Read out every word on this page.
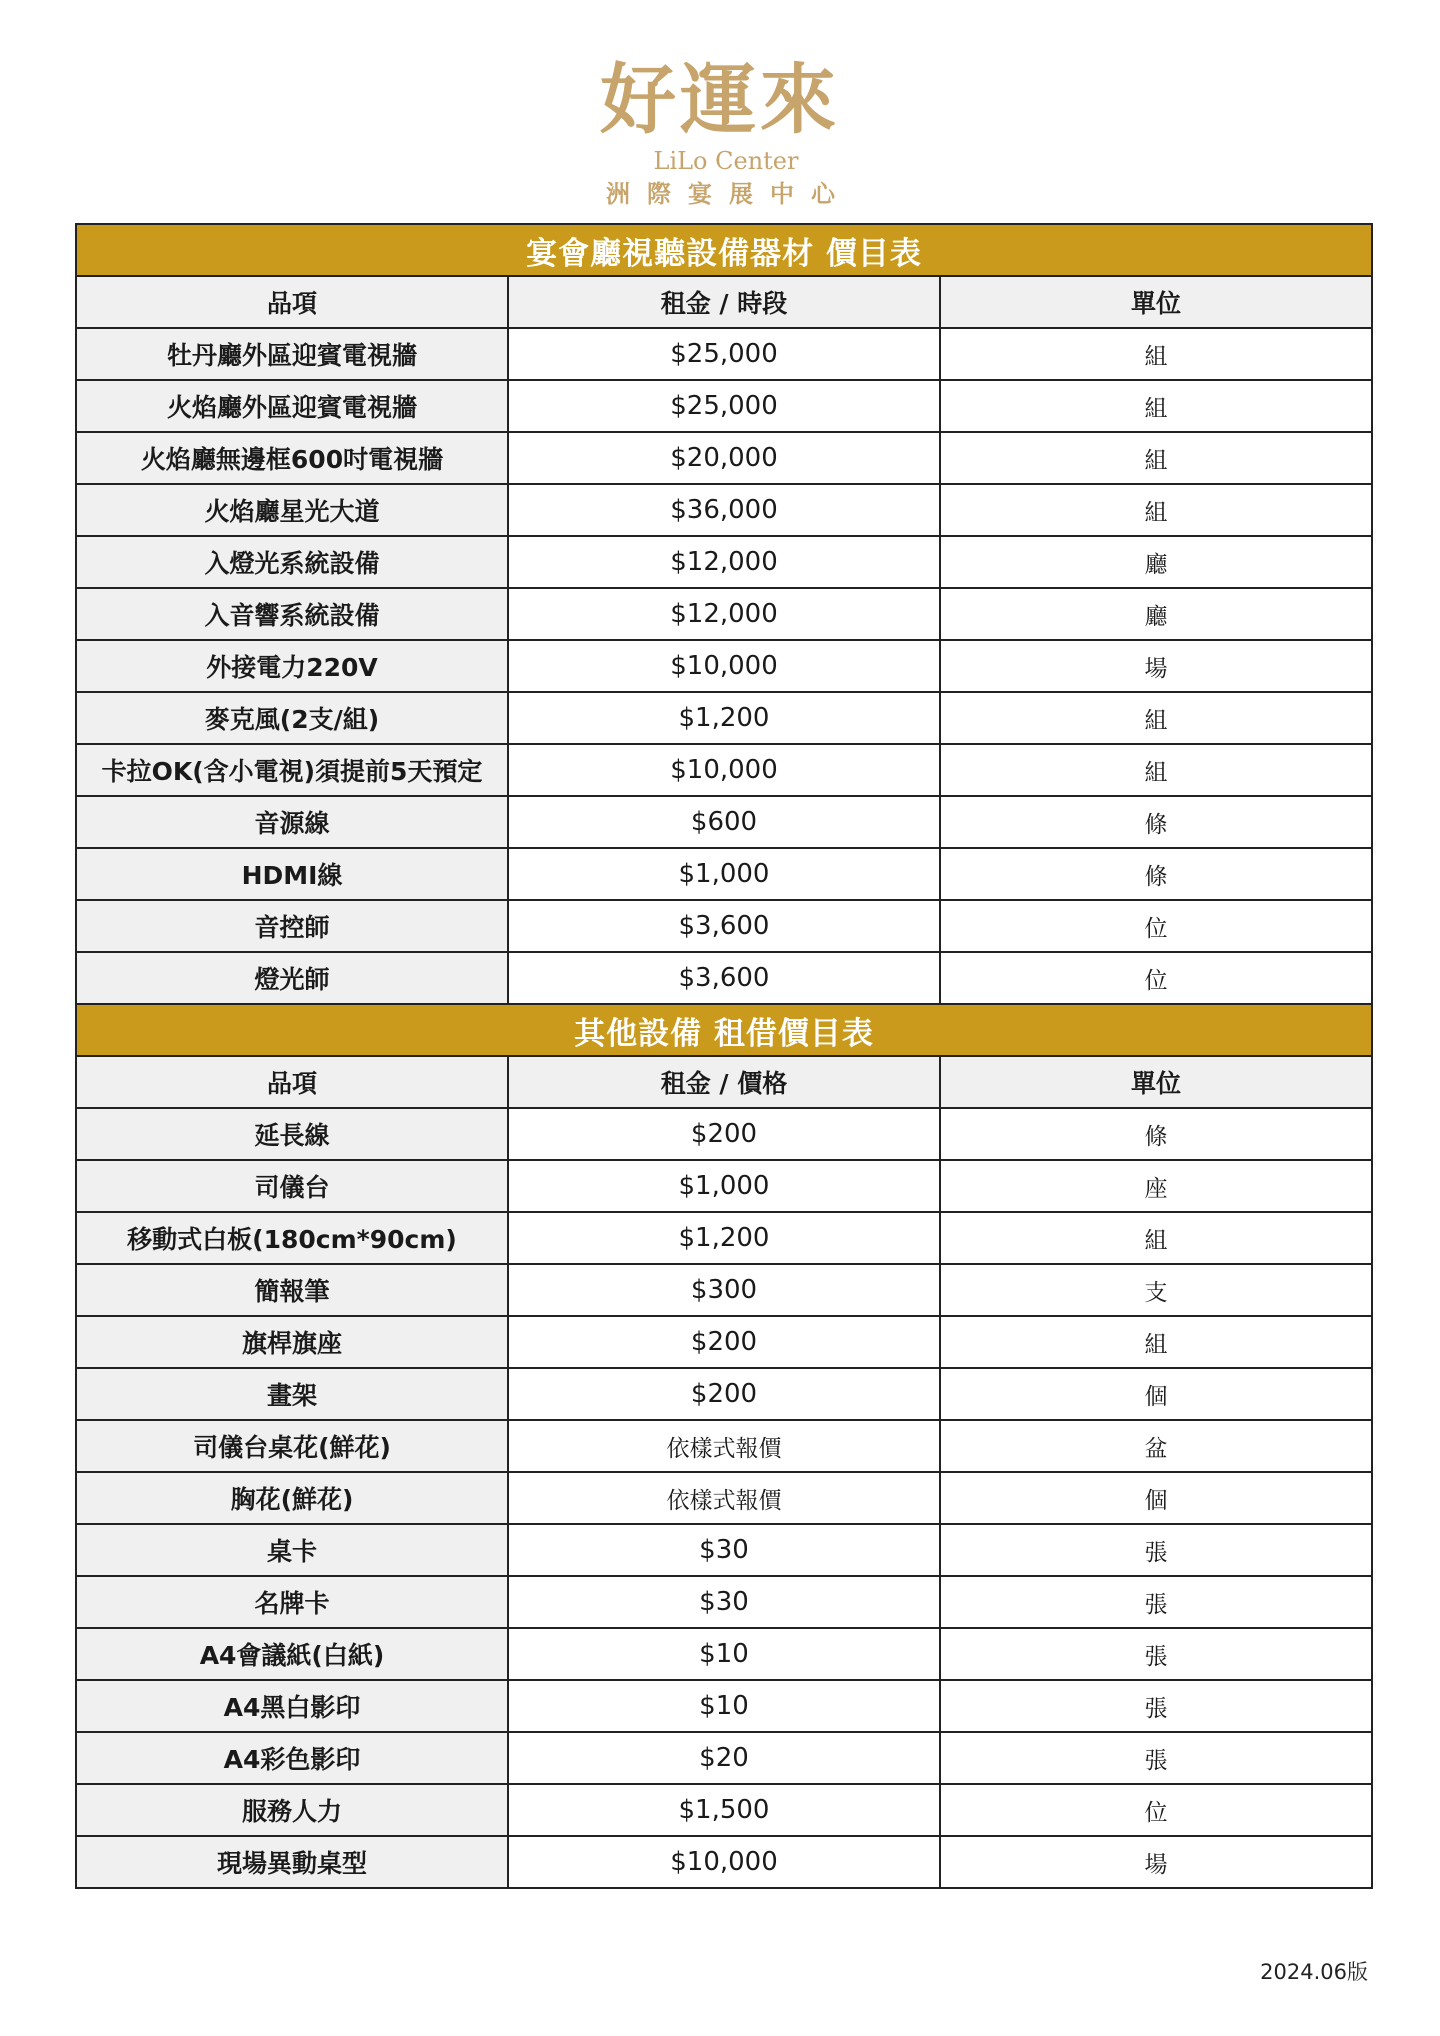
好運來
LiLo Center
洲際宴展中心
宴會廳視聽設備器材 價目表		
品項	租金 / 時段	單位
牡丹廳外區迎賓電視牆	$25,000	組
火焰廳外區迎賓電視牆	$25,000	組
火焰廳無邊框600吋電視牆	$20,000	組
火焰廳星光大道	$36,000	組
入燈光系統設備	$12,000	廳
入音響系統設備	$12,000	廳
外接電力220V	$10,000	場
麥克風(2支/組)	$1,200	組
卡拉OK(含小電視)須提前5天預定	$10,000	組
音源線	$600	條
HDMI線	$1,000	條
音控師	$3,600	位
燈光師	$3,600	位
其他設備 租借價目表		
品項	租金 / 價格	單位
延長線	$200	條
司儀台	$1,000	座
移動式白板(180cm*90cm)	$1,200	組
簡報筆	$300	支
旗桿旗座	$200	組
畫架	$200	個
司儀台桌花(鮮花)	依樣式報價	盆
胸花(鮮花)	依樣式報價	個
桌卡	$30	張
名牌卡	$30	張
A4會議紙(白紙)	$10	張
A4黑白影印	$10	張
A4彩色影印	$20	張
服務人力	$1,500	位
現場異動桌型	$10,000	場
2024.06版
